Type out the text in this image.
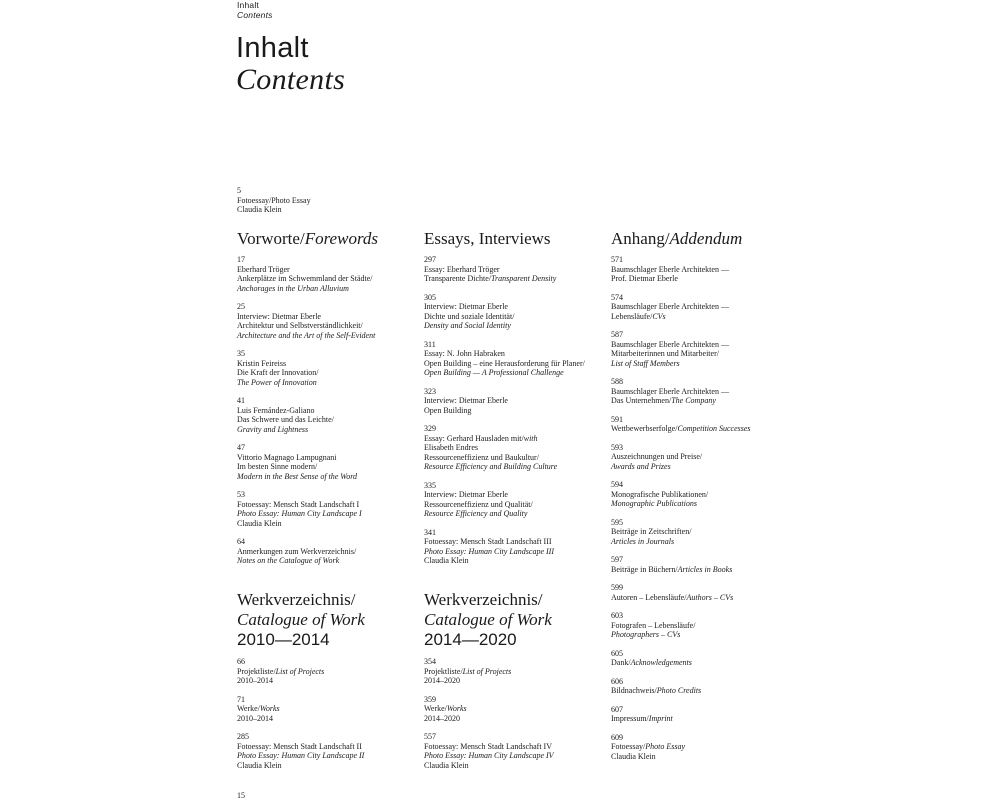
Inhalt
Contents
Inhalt
Contents
5
Fotoessay/Photo Essay
Claudia Klein
Vorworte/Forewords
17
Eberhard Tröger
Ankerplätze im Schwemmland der Städte/
Anchorages in the Urban Alluvium
25
Interview: Dietmar Eberle
Architektur und Selbstverständlichkeit/
Architecture and the Art of the Self-Evident
35
Kristin Feireiss
Die Kraft der Innovation/
The Power of Innovation
41
Luis Fernández-Galiano
Das Schwere und das Leichte/
Gravity and Lightness
47
Vittorio Magnago Lampugnani
Im besten Sinne modern/
Modern in the Best Sense of the Word
53
Fotoessay: Mensch Stadt Landschaft I
Photo Essay: Human City Landscape I
Claudia Klein
64
Anmerkungen zum Werkverzeichnis/
Notes on the Catalogue of Work
Essays, Interviews
297
Essay: Eberhard Tröger
Transparente Dichte/Transparent Density
305
Interview: Dietmar Eberle
Dichte und soziale Identität/
Density and Social Identity
311
Essay: N. John Habraken
Open Building – eine Herausforderung für Planer/
Open Building — A Professional Challenge
323
Interview: Dietmar Eberle
Open Building
329
Essay: Gerhard Hausladen mit/with
Elisabeth Endres
Ressourceneffizienz und Baukultur/
Resource Efficiency and Building Culture
335
Interview: Dietmar Eberle
Ressourceneffizienz und Qualität/
Resource Efficiency and Quality
341
Fotoessay: Mensch Stadt Landschaft III
Photo Essay: Human City Landscape III
Claudia Klein
Anhang/Addendum
571
Baumschlager Eberle Architekten —
Prof. Dietmar Eberle
574
Baumschlager Eberle Architekten —
Lebensläufe/CVs
587
Baumschlager Eberle Architekten —
Mitarbeiterinnen und Mitarbeiter/
List of Staff Members
588
Baumschlager Eberle Architekten —
Das Unternehmen/The Company
591
Wettbewerbserfolge/Competition Successes
593
Auszeichnungen und Preise/
Awards and Prizes
594
Monografische Publikationen/
Monographic Publications
595
Beiträge in Zeitschriften/
Articles in Journals
597
Beiträge in Büchern/Articles in Books
599
Autoren – Lebensläufe/Authors – CVs
603
Fotografen – Lebensläufe/
Photographers – CVs
605
Dank/Acknowledgements
606
Bildnachweis/Photo Credits
607
Impressum/Imprint
609
Fotoessay/Photo Essay
Claudia Klein
Werkverzeichnis/
Catalogue of Work
2010—2014
66
Projektliste/List of Projects
2010–2014
71
Werke/Works
2010–2014
285
Fotoessay: Mensch Stadt Landschaft II
Photo Essay: Human City Landscape II
Claudia Klein
Werkverzeichnis/
Catalogue of Work
2014—2020
354
Projektliste/List of Projects
2014–2020
359
Werke/Works
2014–2020
557
Fotoessay: Mensch Stadt Landschaft IV
Photo Essay: Human City Landscape IV
Claudia Klein
15
